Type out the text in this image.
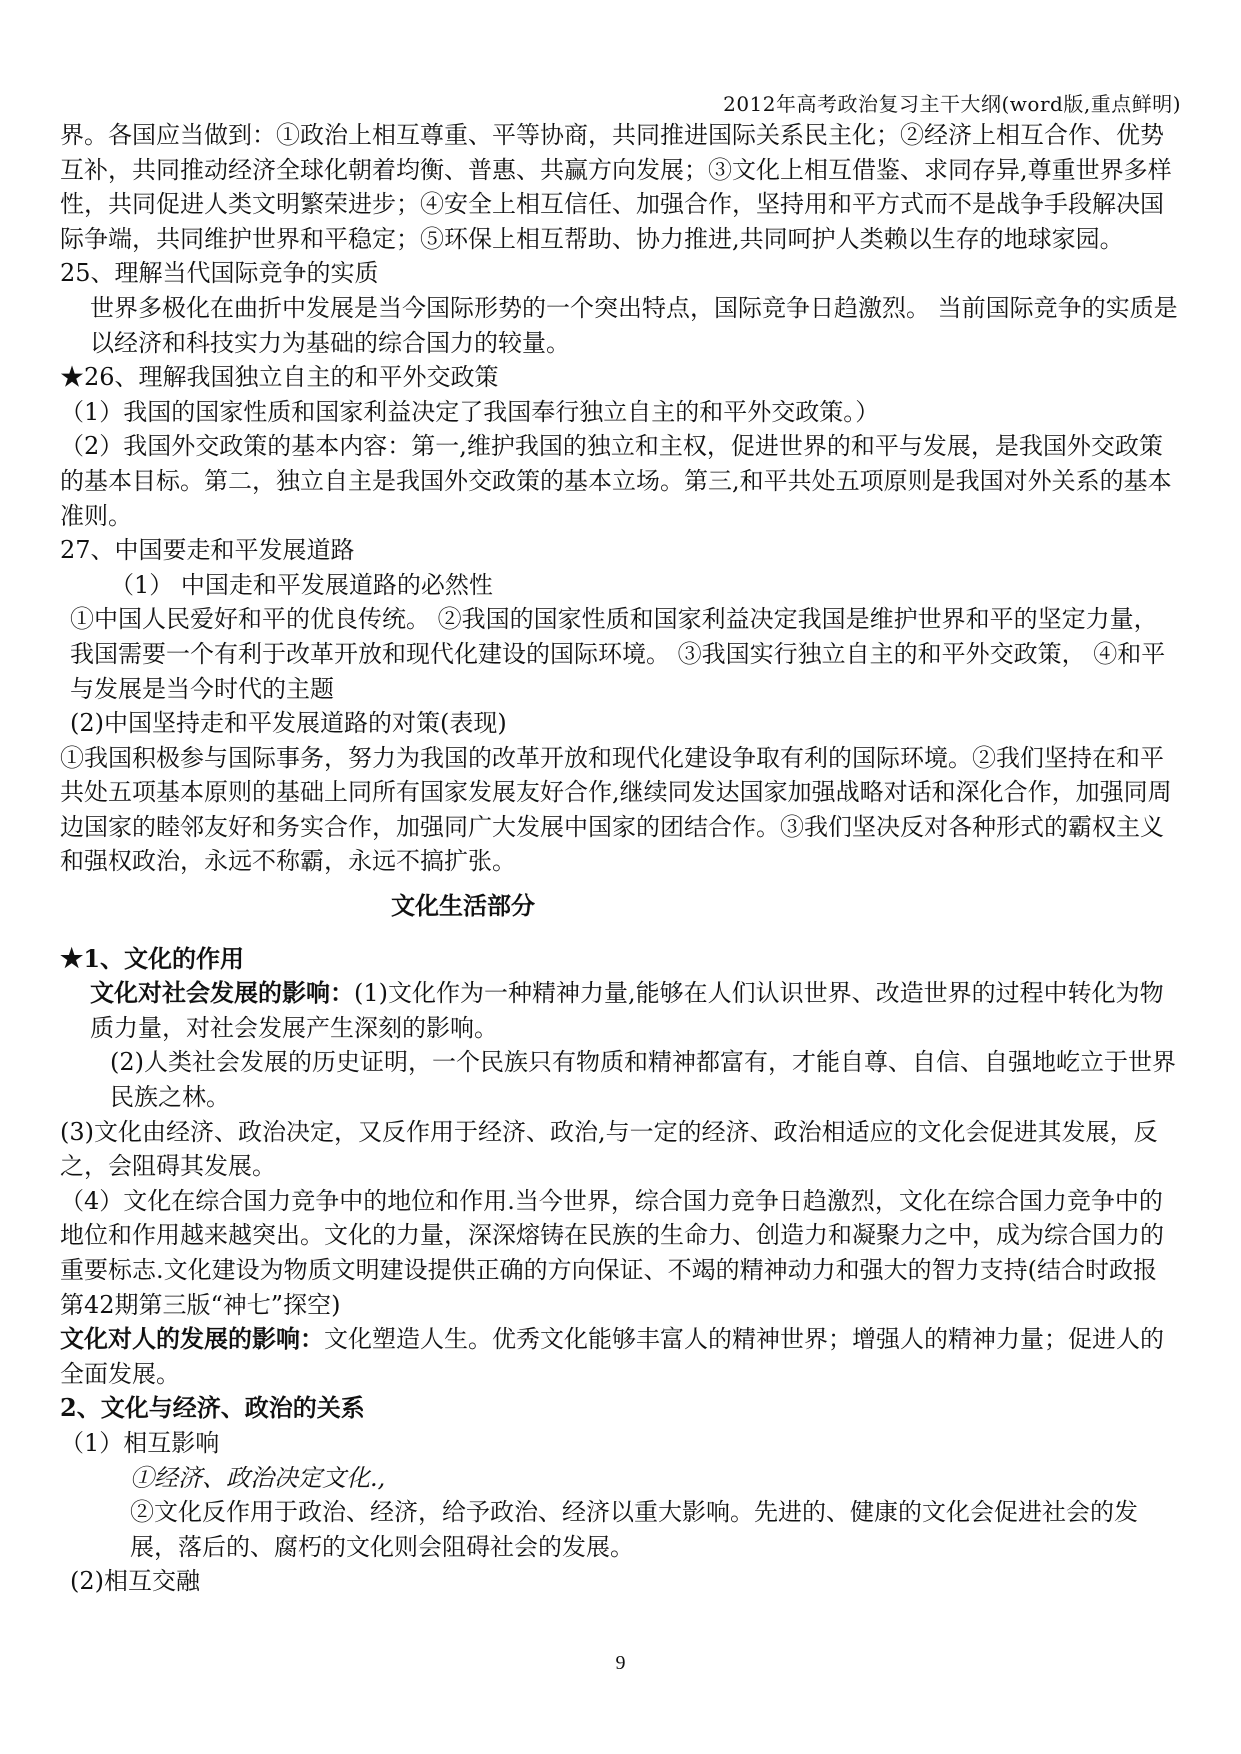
2012年高考政治复习主干大纲(word版,重点鲜明)

界。各国应当做到：①政治上相互尊重、平等协商，共同推进国际关系民主化；②经济上相互合作、优势互补，共同推动经济全球化朝着均衡、普惠、共赢方向发展；③文化上相互借鉴、求同存异,尊重世界多样性，共同促进人类文明繁荣进步；④安全上相互信任、加强合作，坚持用和平方式而不是战争手段解决国际争端，共同维护世界和平稳定；⑤环保上相互帮助、协力推进,共同呵护人类赖以生存的地球家园。

25、理解当代国际竞争的实质

世界多极化在曲折中发展是当今国际形势的一个突出特点，国际竞争日趋激烈。 当前国际竞争的实质是以经济和科技实力为基础的综合国力的较量。

★26、理解我国独立自主的和平外交政策

（1）我国的国家性质和国家利益决定了我国奉行独立自主的和平外交政策。）

（2）我国外交政策的基本内容：第一,维护我国的独立和主权，促进世界的和平与发展，是我国外交政策的基本目标。第二，独立自主是我国外交政策的基本立场。第三,和平共处五项原则是我国对外关系的基本准则。

27、中国要走和平发展道路

（1） 中国走和平发展道路的必然性

①中国人民爱好和平的优良传统。 ②我国的国家性质和国家利益决定我国是维护世界和平的坚定力量，我国需要一个有利于改革开放和现代化建设的国际环境。 ③我国实行独立自主的和平外交政策， ④和平与发展是当今时代的主题

(2)中国坚持走和平发展道路的对策(表现)

①我国积极参与国际事务，努力为我国的改革开放和现代化建设争取有利的国际环境。②我们坚持在和平共处五项基本原则的基础上同所有国家发展友好合作,继续同发达国家加强战略对话和深化合作，加强同周边国家的睦邻友好和务实合作，加强同广大发展中国家的团结合作。③我们坚决反对各种形式的霸权主义和强权政治，永远不称霸，永远不搞扩张。

文化生活部分

★1、文化的作用

文化对社会发展的影响：(1)文化作为一种精神力量,能够在人们认识世界、改造世界的过程中转化为物质力量，对社会发展产生深刻的影响。

(2)人类社会发展的历史证明，一个民族只有物质和精神都富有，才能自尊、自信、自强地屹立于世界民族之林。

(3)文化由经济、政治决定，又反作用于经济、政治,与一定的经济、政治相适应的文化会促进其发展，反之，会阻碍其发展。

（4）文化在综合国力竞争中的地位和作用.当今世界，综合国力竞争日趋激烈，文化在综合国力竞争中的地位和作用越来越突出。文化的力量，深深熔铸在民族的生命力、创造力和凝聚力之中，成为综合国力的重要标志.文化建设为物质文明建设提供正确的方向保证、不竭的精神动力和强大的智力支持(结合时政报第42期第三版“神七”探空)

文化对人的发展的影响：文化塑造人生。优秀文化能够丰富人的精神世界；增强人的精神力量；促进人的全面发展。

2、文化与经济、政治的关系

（1）相互影响

①经济、政治决定文化.,

②文化反作用于政治、经济，给予政治、经济以重大影响。先进的、健康的文化会促进社会的发展，落后的、腐朽的文化则会阻碍社会的发展。

(2)相互交融

9
